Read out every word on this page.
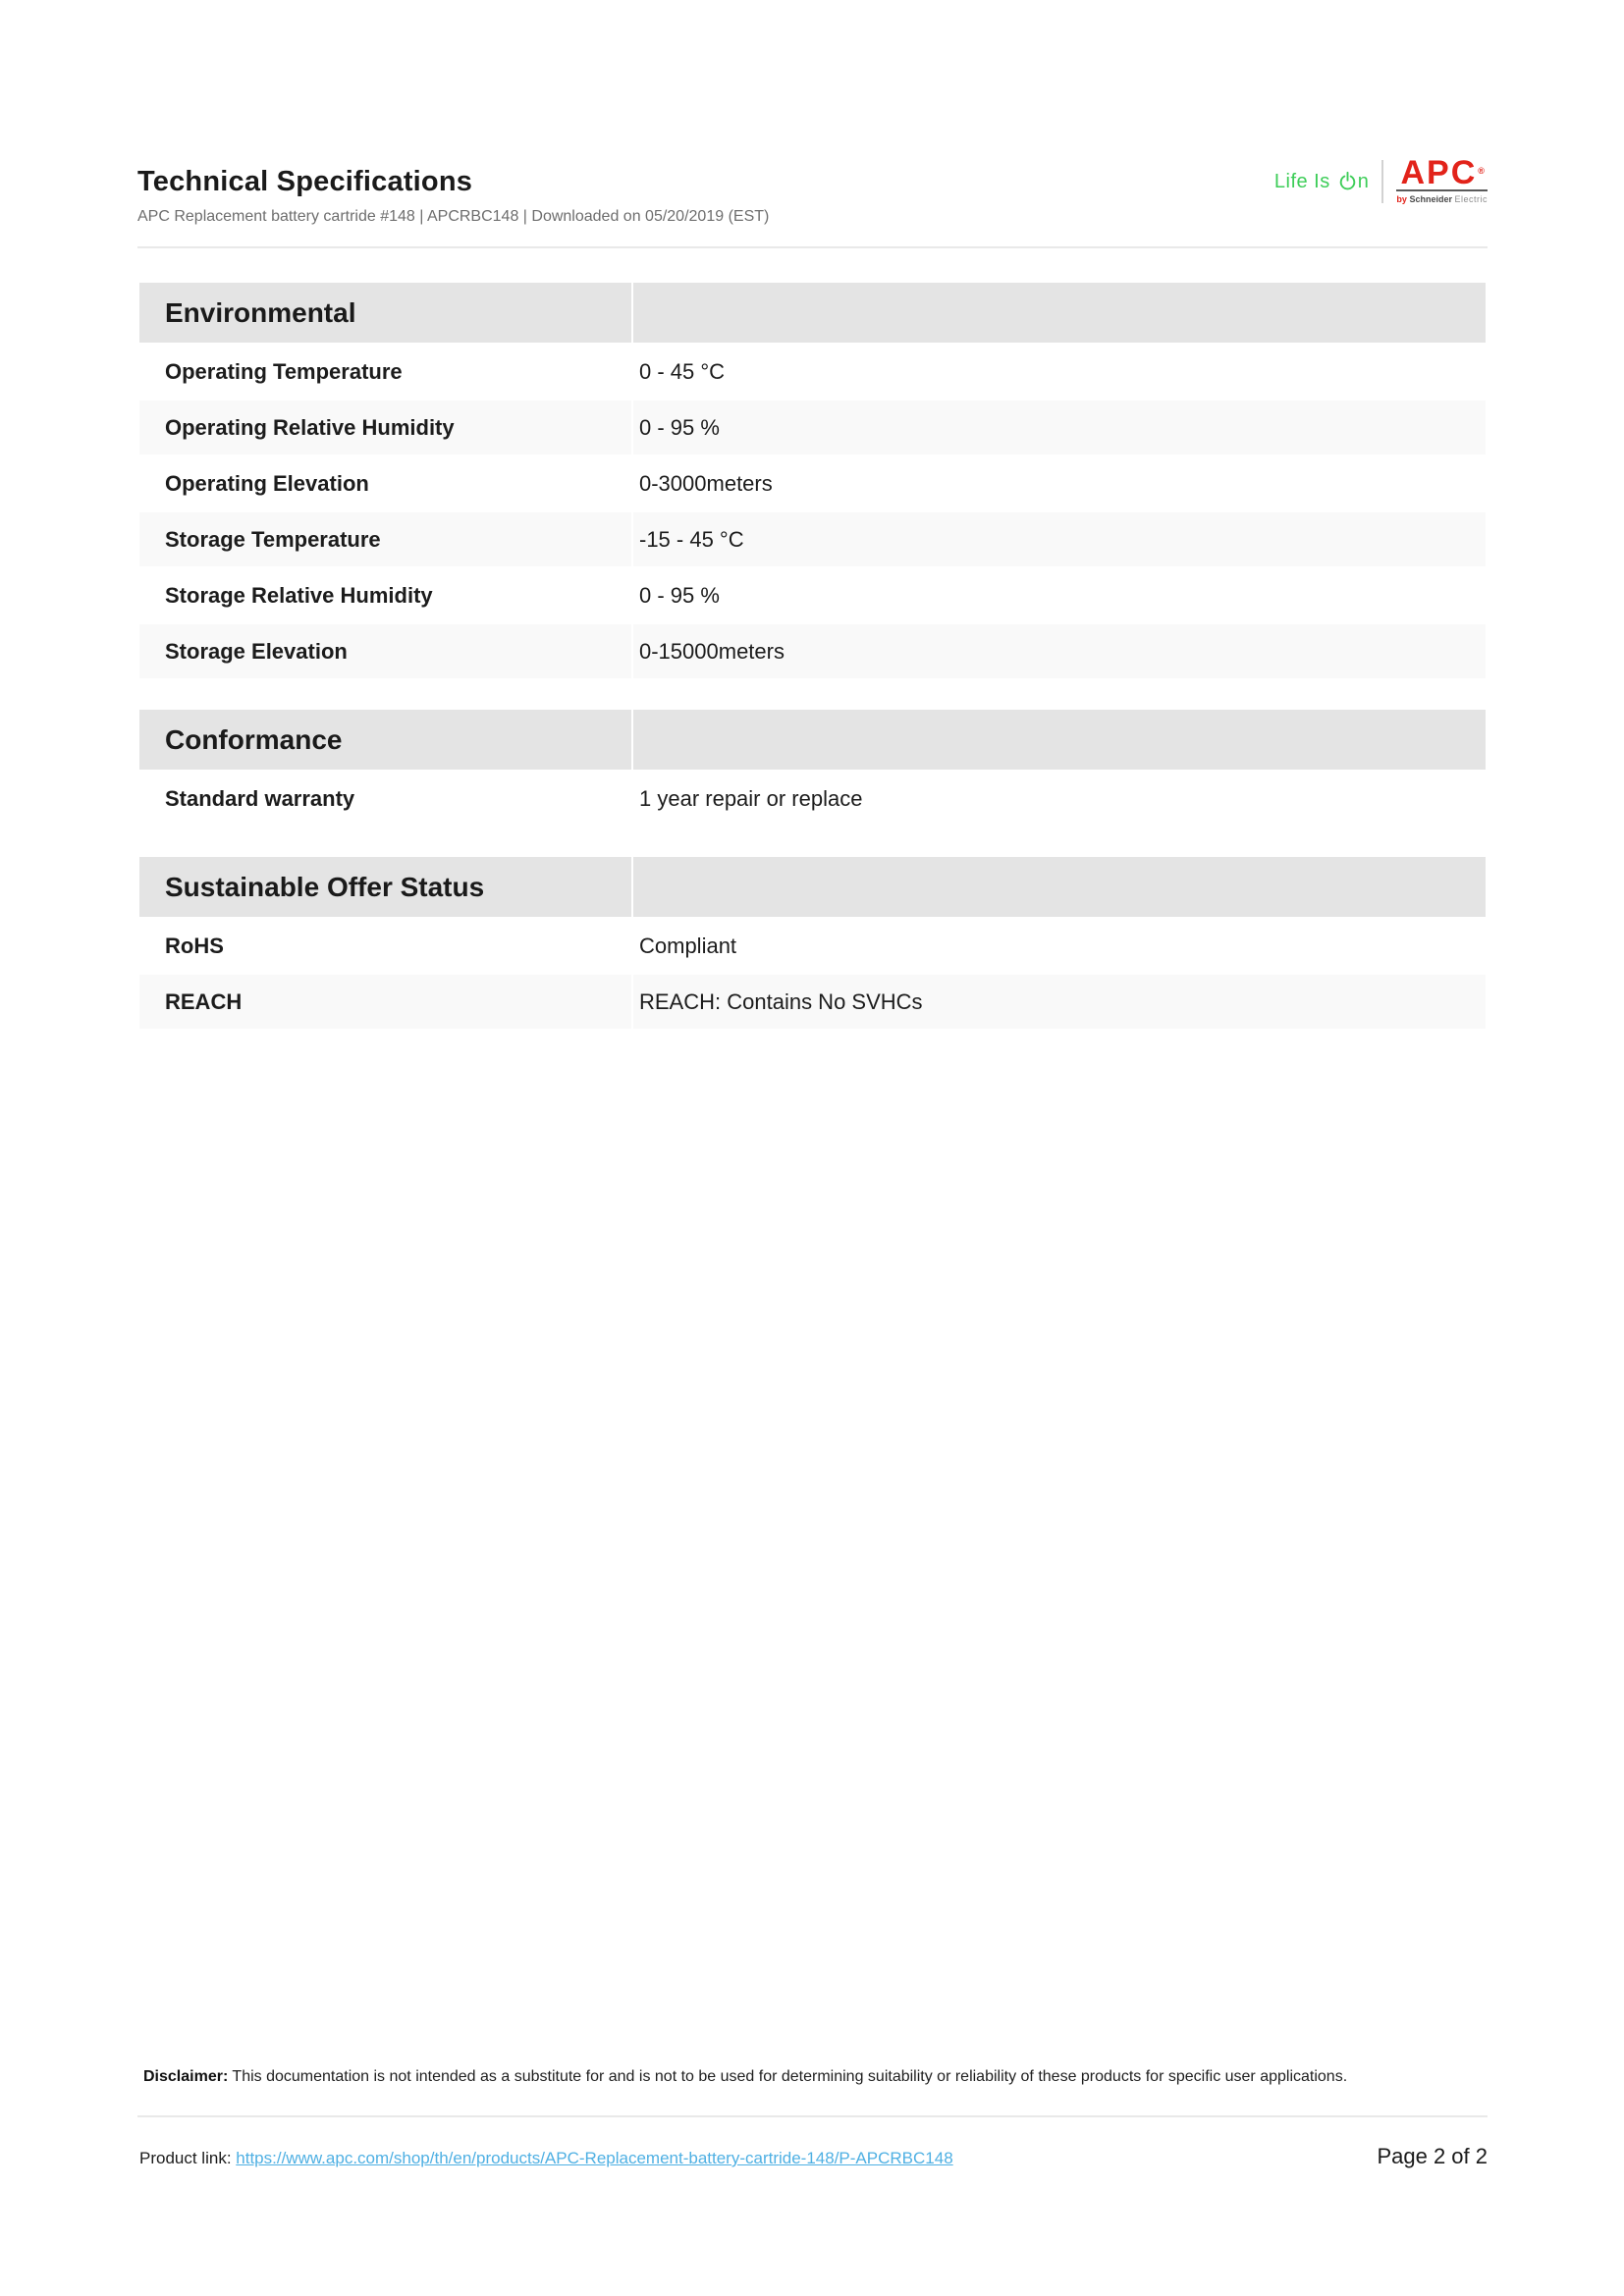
Technical Specifications
APC Replacement battery cartride #148 | APCRBC148 | Downloaded on 05/20/2019 (EST)
Life Is n APC®
by Schneider Electric
Environmental	
Operating Temperature	0 - 45 °C
Operating Relative Humidity	0 - 95 %
Operating Elevation	0-3000meters
Storage Temperature	-15 - 45 °C
Storage Relative Humidity	0 - 95 %
Storage Elevation	0-15000meters
Conformance	
Standard warranty	1 year repair or replace
Sustainable Offer Status	
RoHS	Compliant
REACH	REACH: Contains No SVHCs
Disclaimer: This documentation is not intended as a substitute for and is not to be used for determining suitability or reliability of these products for specific user applications.
Product link: https://www.apc.com/shop/th/en/products/APC-Replacement-battery-cartride-148/P-APCRBC148	Page 2 of 2
